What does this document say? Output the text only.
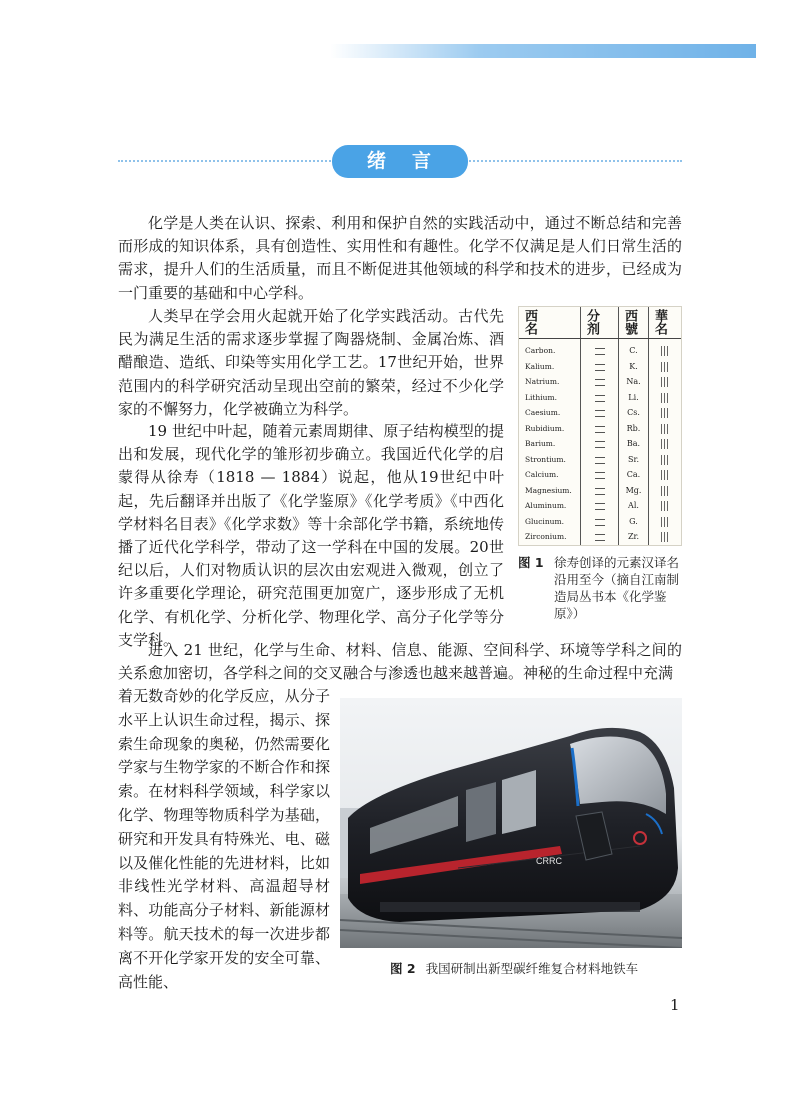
绪言
化学是人类在认识、探索、利用和保护自然的实践活动中，通过不断总结和完善而形成的知识体系，具有创造性、实用性和有趣性。化学不仅满足是人们日常生活的需求，提升人们的生活质量，而且不断促进其他领域的科学和技术的进步，已经成为一门重要的基础和中心学科。
人类早在学会用火起就开始了化学实践活动。古代先民为满足生活的需求逐步掌握了陶器烧制、金属冶炼、酒醋酿造、造纸、印染等实用化学工艺。17世纪开始，世界范围内的科学研究活动呈现出空前的繁荣，经过不少化学家的不懈努力，化学被确立为科学。
19 世纪中叶起，随着元素周期律、原子结构模型的提出和发展，现代化学的雏形初步确立。我国近代化学的启蒙得从徐寿（1818 — 1884）说起，他从19世纪中叶起，先后翻译并出版了《化学鉴原》《化学考质》《中西化学材料名目表》《化学求数》等十余部化学书籍，系统地传播了近代化学科学，带动了这一学科在中国的发展。20世纪以后，人们对物质认识的层次由宏观进入微观，创立了许多重要化学理论，研究范围更加宽广，逐步形成了无机化学、有机化学、分析化学、物理化学、高分子化学等分支学科。
进入 21 世纪，化学与生命、材料、信息、能源、空间科学、环境等学科之间的关系愈加密切，各学科之间的交叉融合与渗透也越来越普遍。神秘的生命过程中充满
着无数奇妙的化学反应，从分子水平上认识生命过程，揭示、探索生命现象的奥秘，仍然需要化学家与生物学家的不断合作和探索。在材料科学领域，科学家以化学、物理等物质科学为基础，研究和开发具有特殊光、电、磁以及催化性能的先进材料，比如非线性光学材料、高温超导材料、功能高分子材料、新能源材料等。航天技术的每一次进步都离不开化学家开发的安全可靠、高性能、
西名	分剂 西號 華名
Carbon.
Kalium.
Natrium.
Lithium.
Caesium.
Rubidium.
Barium.
Strontium.
Calcium.
Magnesium.
Aluminum.
Glucinum.
Zirconium.
C.
K.
Na.
Li.
Cs.
Rb.
Ba.
Sr.
Ca.
Mg.
Al.
G.
Zr.
图 1 徐寿创译的元素汉译名沿用至今（摘自江南制造局丛书本《化学鉴原》）
CRRC
图 2 我国研制出新型碳纤维复合材料地铁车
1
